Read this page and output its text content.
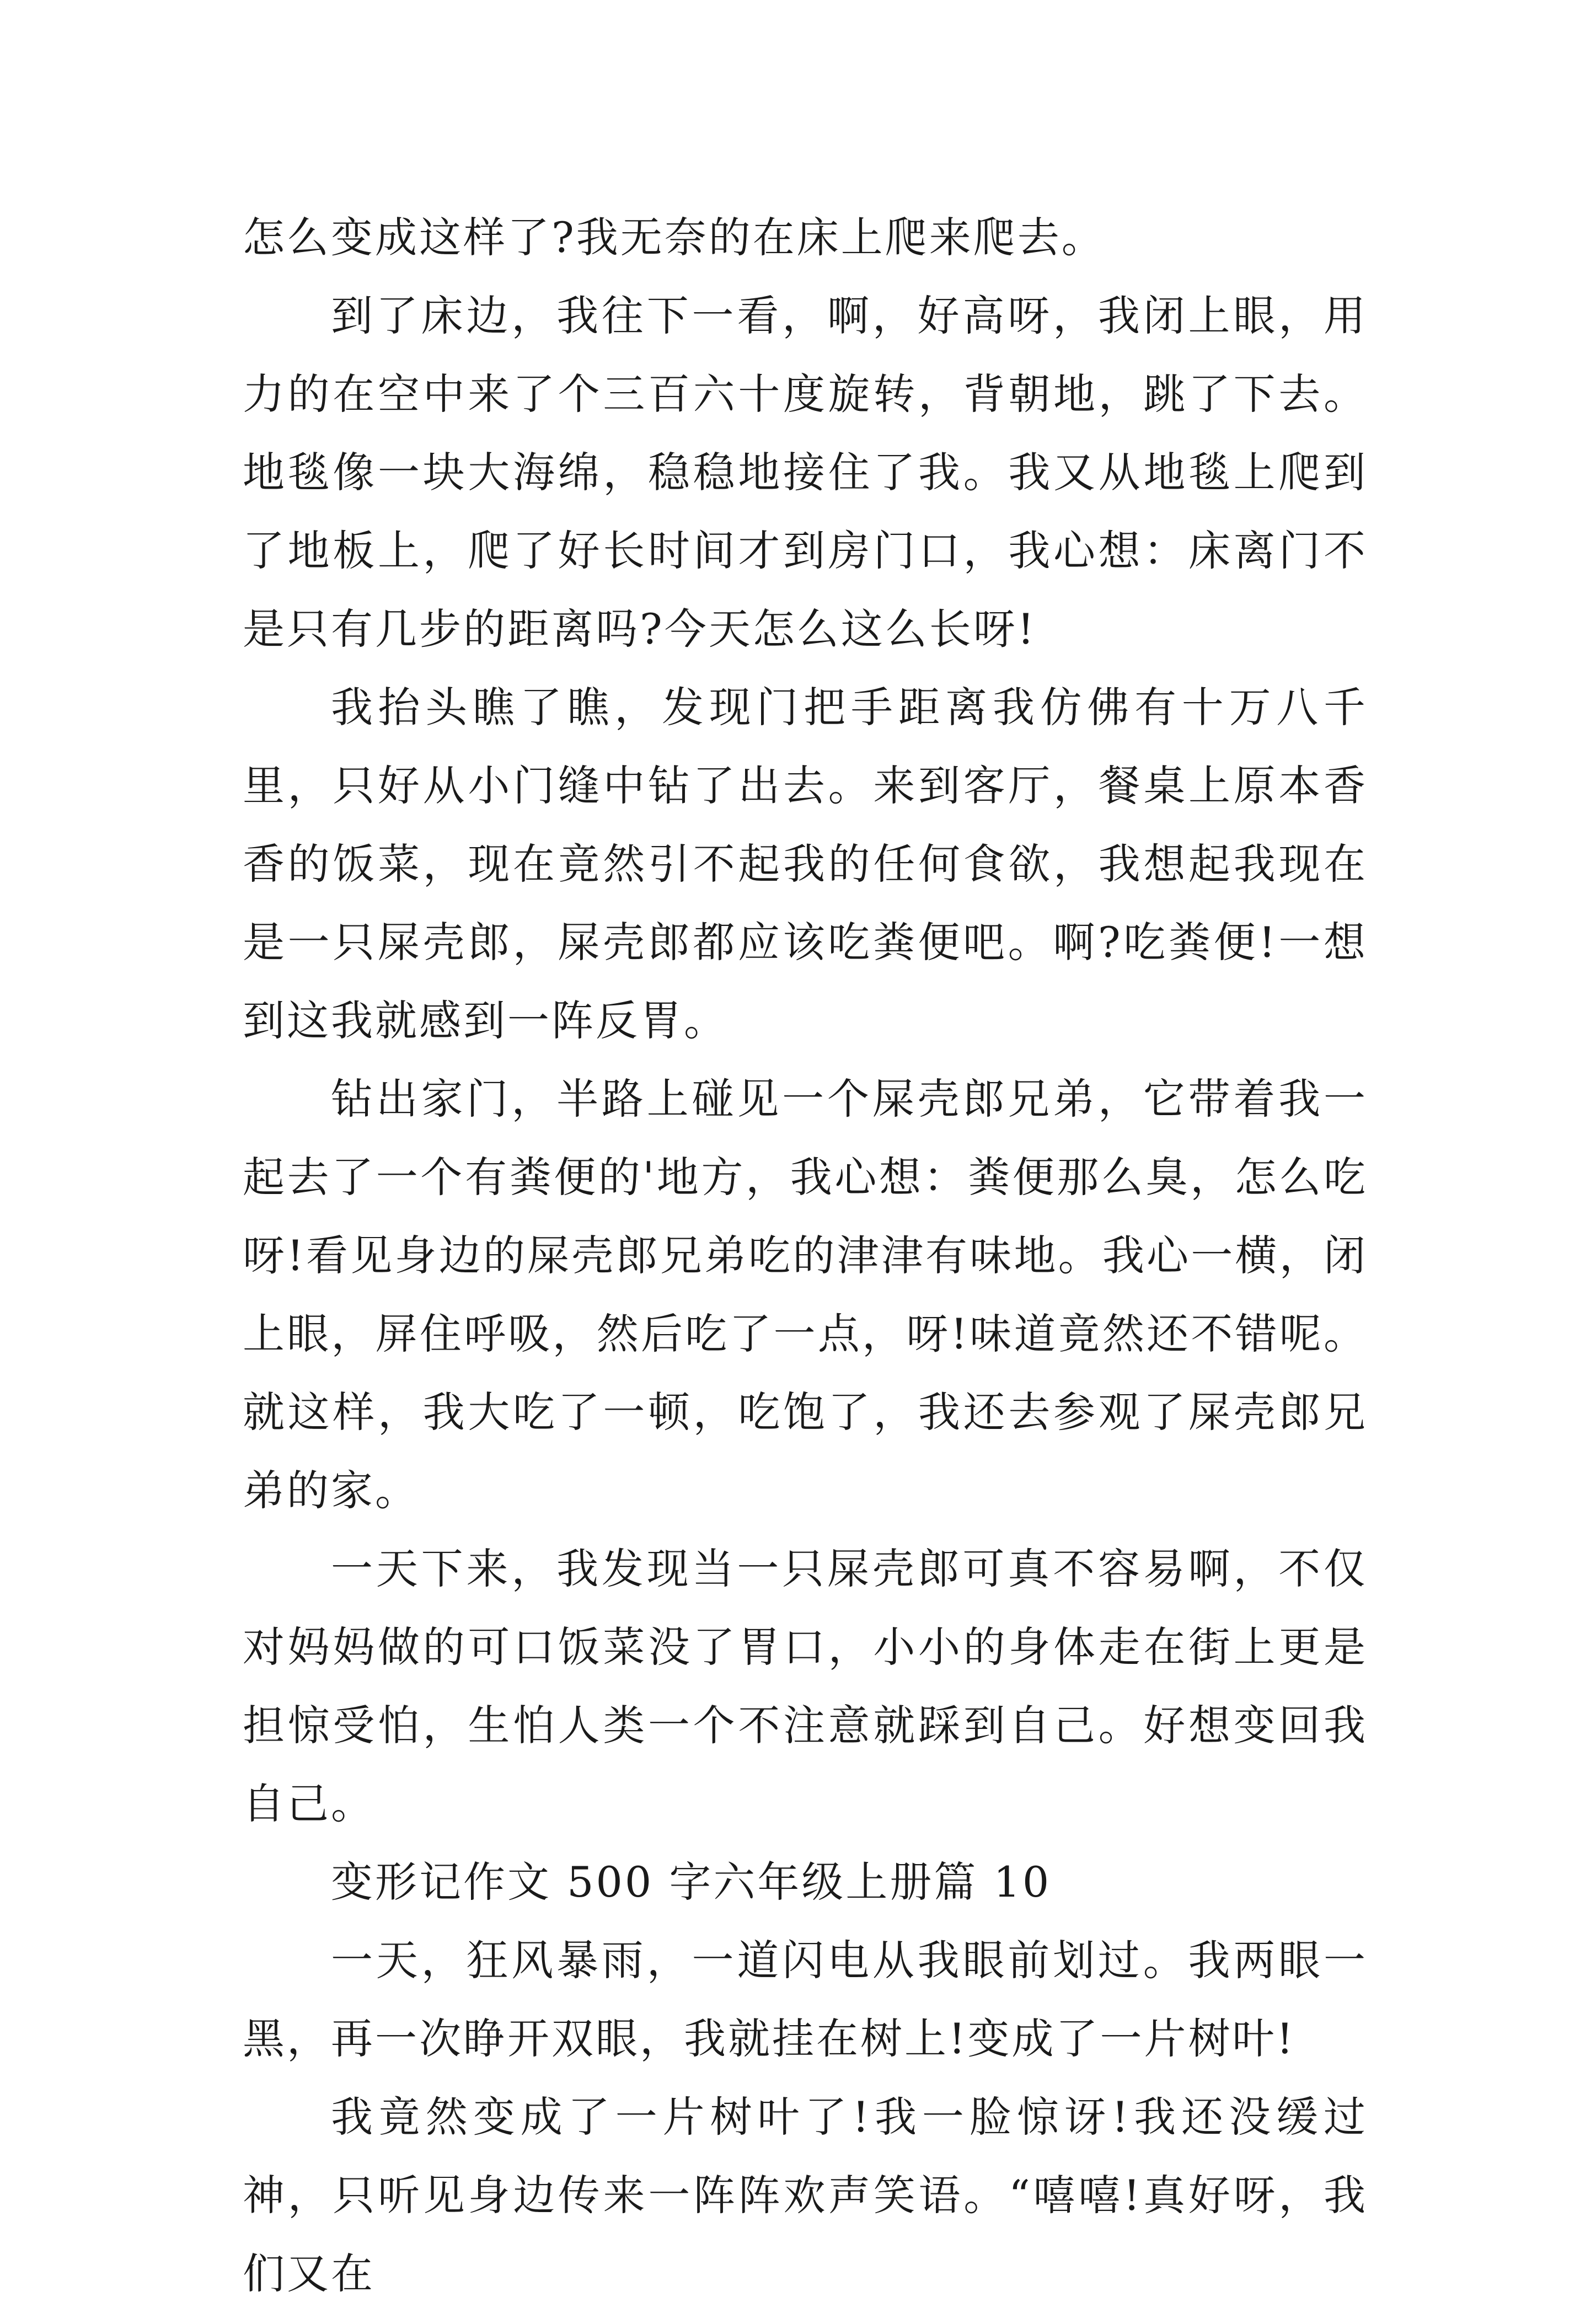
怎么变成这样了?我无奈的在床上爬来爬去。

到了床边，我往下一看，啊，好高呀，我闭上眼，用力的在空中来了个三百六十度旋转，背朝地，跳了下去。地毯像一块大海绵，稳稳地接住了我。我又从地毯上爬到了地板上，爬了好长时间才到房门口，我心想：床离门不是只有几步的距离吗?今天怎么这么长呀!

我抬头瞧了瞧，发现门把手距离我仿佛有十万八千里，只好从小门缝中钻了出去。来到客厅，餐桌上原本香香的饭菜，现在竟然引不起我的任何食欲，我想起我现在是一只屎壳郎，屎壳郎都应该吃粪便吧。啊?吃粪便!一想到这我就感到一阵反胃。

钻出家门，半路上碰见一个屎壳郎兄弟，它带着我一起去了一个有粪便的'地方，我心想：粪便那么臭，怎么吃呀!看见身边的屎壳郎兄弟吃的津津有味地。我心一横，闭上眼，屏住呼吸，然后吃了一点，呀!味道竟然还不错呢。就这样，我大吃了一顿，吃饱了，我还去参观了屎壳郎兄弟的家。

一天下来，我发现当一只屎壳郎可真不容易啊，不仅对妈妈做的可口饭菜没了胃口，小小的身体走在街上更是担惊受怕，生怕人类一个不注意就踩到自己。好想变回我自己。

变形记作文 500 字六年级上册篇 10

一天，狂风暴雨，一道闪电从我眼前划过。我两眼一黑，再一次睁开双眼，我就挂在树上!变成了一片树叶!

我竟然变成了一片树叶了!我一脸惊讶!我还没缓过神，只听见身边传来一阵阵欢声笑语。“嘻嘻!真好呀，我们又在
